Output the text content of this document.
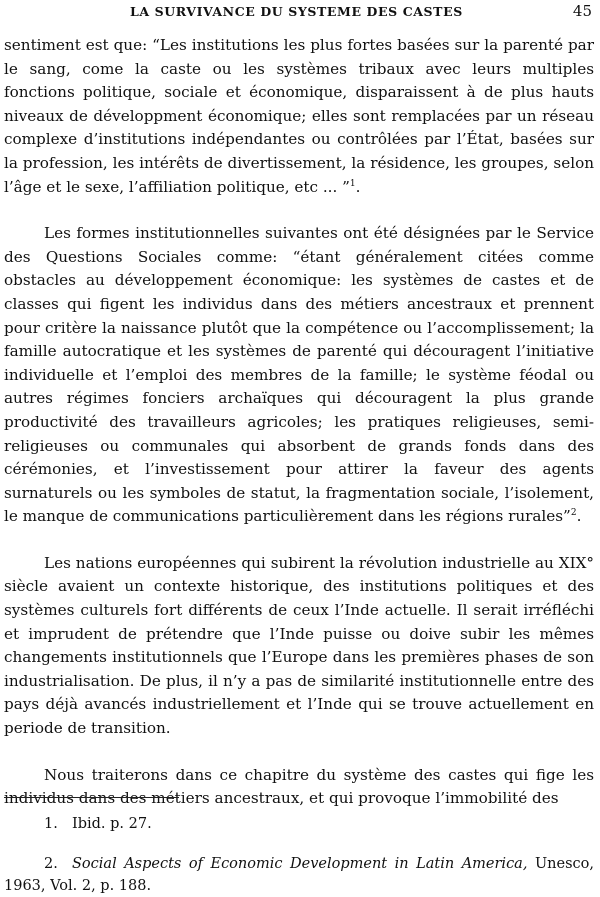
LA SURVIVANCE DU SYSTEME DES CASTES	45

sentiment est que: “Les institutions les plus fortes basées sur la parenté par le sang, come la caste ou les systèmes tribaux avec leurs multiples fonctions politique, sociale et économique, disparaissent à de plus hauts niveaux de développment économique; elles sont remplacées par un réseau complexe d’institutions indépendantes ou contrôlées par l’État, basées sur la profession, les intérêts de divertissement, la résidence, les groupes, selon l’âge et le sexe, l’affiliation politique, etc ... ”$^1$.

Les formes institutionnelles suivantes ont été désignées par le Service des Questions Sociales comme: “étant généralement citées comme obstacles au développement économique: les systèmes de castes et de classes qui figent les individus dans des métiers ancestraux et prennent pour critère la naissance plutôt que la compétence ou l’accomplissement; la famille autocratique et les systèmes de parenté qui découragent l’initiative individuelle et l’emploi des membres de la famille; le système féodal ou autres régimes fonciers archaïques qui découragent la plus grande productivité des travailleurs agricoles; les pratiques religieuses, semi-religieuses ou communales qui absorbent de grands fonds dans des cérémonies, et l’investissement pour attirer la faveur des agents surnaturels ou les symboles de statut, la fragmentation sociale, l’isolement, le manque de communications particulièrement dans les régions rurales”$^2$.

Les nations européennes qui subirent la révolution industrielle au XIX° siècle avaient un contexte historique, des institutions politiques et des systèmes culturels fort différents de ceux l’Inde actuelle. Il serait irréfléchi et imprudent de prétendre que l’Inde puisse ou doive subir les mêmes changements institutionnels que l’Europe dans les premières phases de son industrialisation. De plus, il n’y a pas de similarité institutionnelle entre des pays déjà avancés industriellement et l’Inde qui se trouve actuellement en periode de transition.

Nous traiterons dans ce chapitre du système des castes qui fige les individus dans des métiers ancestraux, et qui provoque l’immobilité des

1. Ibid. p. 27.
2. Social Aspects of Economic Development in Latin America, Unesco, 1963, Vol. 2, p. 188.
